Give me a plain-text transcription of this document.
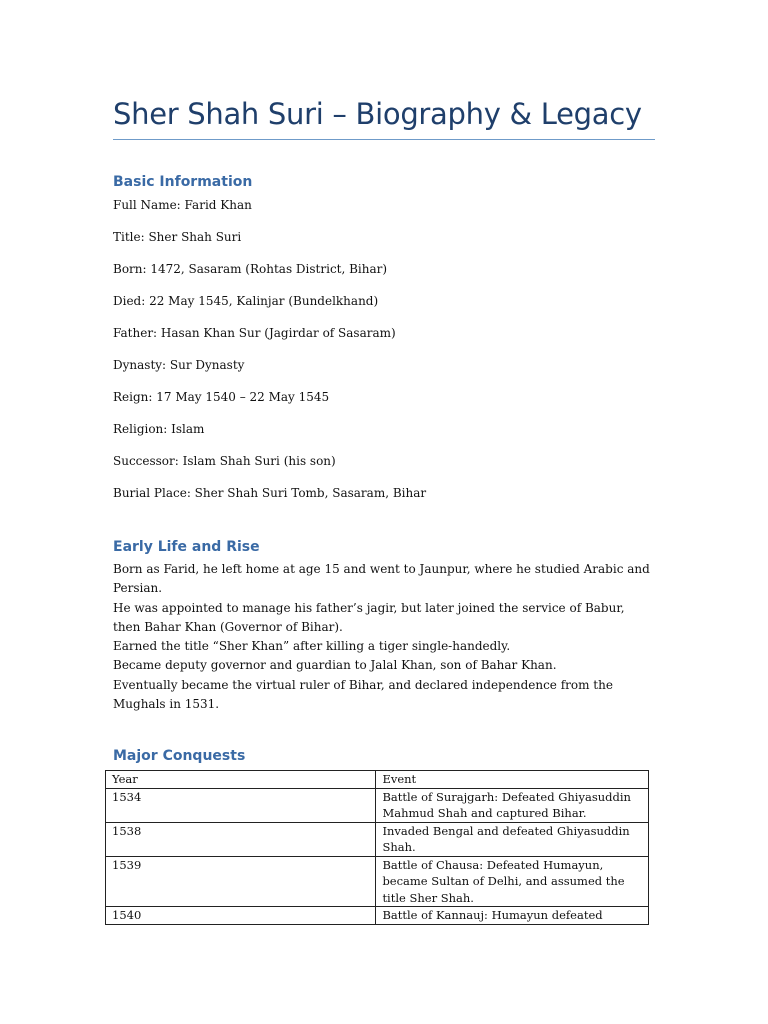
Sher Shah Suri – Biography & Legacy
Basic Information
Full Name: Farid Khan
Title: Sher Shah Suri
Born: 1472, Sasaram (Rohtas District, Bihar)
Died: 22 May 1545, Kalinjar (Bundelkhand)
Father: Hasan Khan Sur (Jagirdar of Sasaram)
Dynasty: Sur Dynasty
Reign: 17 May 1540 – 22 May 1545
Religion: Islam
Successor: Islam Shah Suri (his son)
Burial Place: Sher Shah Suri Tomb, Sasaram, Bihar
Early Life and Rise
Born as Farid, he left home at age 15 and went to Jaunpur, where he studied Arabic and Persian.
He was appointed to manage his father’s jagir, but later joined the service of Babur, then Bahar Khan (Governor of Bihar).
Earned the title “Sher Khan” after killing a tiger single-handedly.
Became deputy governor and guardian to Jalal Khan, son of Bahar Khan.
Eventually became the virtual ruler of Bihar, and declared independence from the Mughals in 1531.
Major Conquests
Year	Event
1534	Battle of Surajgarh: Defeated Ghiyasuddin Mahmud Shah and captured Bihar.
1538	Invaded Bengal and defeated Ghiyasuddin Shah.
1539	Battle of Chausa: Defeated Humayun, became Sultan of Delhi, and assumed the title Sher Shah.
1540	Battle of Kannauj: Humayun defeated
